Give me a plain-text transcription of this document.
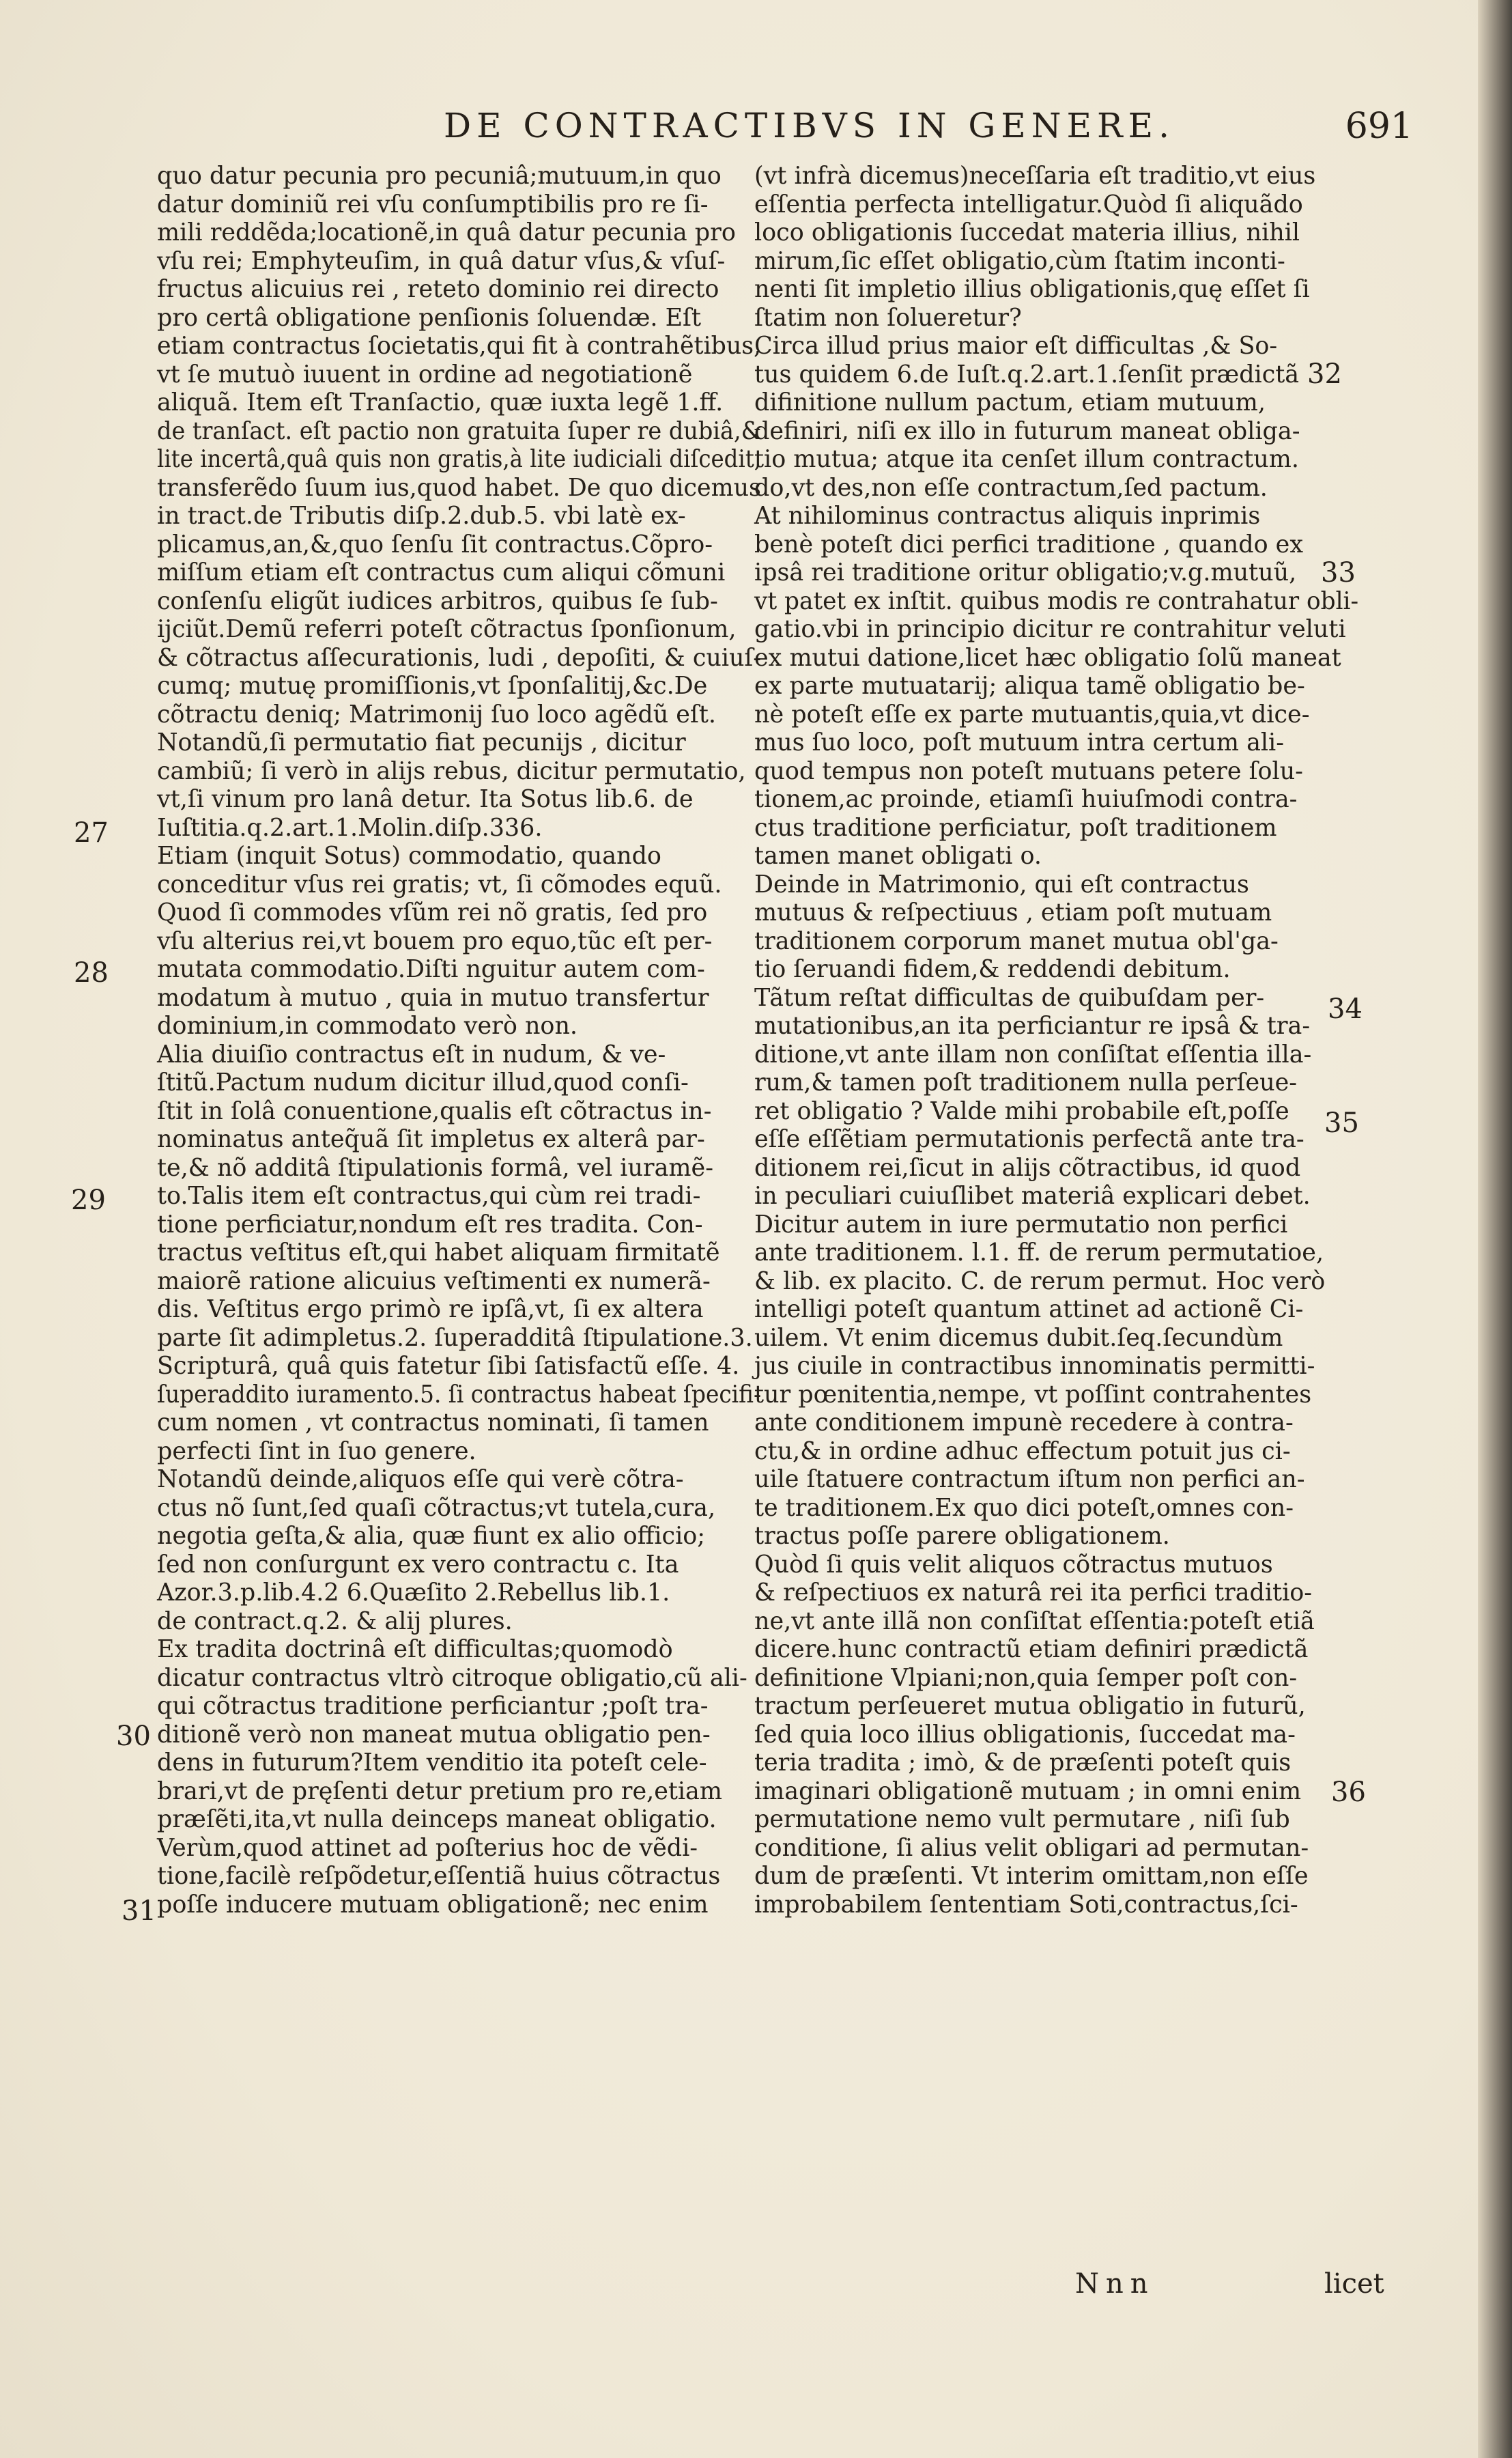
DE CONTRACTIBVS IN GENERE.	691
quo datur pecunia pro pecuniâ;mutuum,in quo
datur dominiũ rei vſu conſumptibilis pro re ſi-
mili reddẽda;locationẽ,in quâ datur pecunia pro
vſu rei; Emphyteuſim, in quâ datur vſus,& vſuſ-
fructus alicuius rei , reteto dominio rei directo
pro certâ obligatione penſionis ſoluendæ. Eſt
etiam contractus ſocietatis,qui fit à contrahẽtibus,
vt ſe mutuò iuuent in ordine ad negotiationẽ
aliquã. Item eſt Tranſactio, quæ iuxta legẽ 1.ff.
de tranſact. eſt pactio non gratuita ſuper re dubiâ,&
lite incertâ,quâ quis non gratis,à lite iudiciali diſcedit,
transferẽdo ſuum ius,quod habet. De quo dicemus
in tract.de Tributis diſp.2.dub.5. vbi latè ex-
plicamus,an,&,quo ſenſu ſit contractus.Cõpro-
miſſum etiam eſt contractus cum aliqui cõmuni
conſenſu eligũt iudices arbitros, quibus ſe ſub-
ijciũt.Demũ referri poteſt cõtractus ſponſionum,
& cõtractus aſſecurationis, ludi , depoſiti, & cuiuſ-
cumq; mutuę promiſſionis,vt ſponſalitij,&c.De
cõtractu deniq; Matrimonij ſuo loco agẽdũ eſt.
Notandũ,ſi permutatio fiat pecunijs , dicitur
cambiũ; ſi verò in alijs rebus, dicitur permutatio,
vt,ſi vinum pro lanâ detur. Ita Sotus lib.6. de
Iuſtitia.q.2.art.1.Molin.diſp.336.
Etiam (inquit Sotus) commodatio, quando
conceditur vſus rei gratis; vt, ſi cõmodes equũ.
Quod ſi commodes vſũm rei nõ gratis, ſed pro
vſu alterius rei,vt bouem pro equo,tũc eſt per-
mutata commodatio.Diſti nguitur autem com-
modatum à mutuo , quia in mutuo transfertur
dominium,in commodato verò non.
Alia diuiſio contractus eſt in nudum, & ve-
ſtitũ.Pactum nudum dicitur illud,quod conſi-
ſtit in ſolâ conuentione,qualis eſt cõtractus in-
nominatus anteq̃uã ſit impletus ex alterâ par-
te,& nõ additâ ſtipulationis formâ, vel iuramẽ-
to.Talis item eſt contractus,qui cùm rei tradi-
tione perficiatur,nondum eſt res tradita. Con-
tractus veſtitus eſt,qui habet aliquam firmitatẽ
maiorẽ ratione alicuius veſtimenti ex numerã-
dis. Veſtitus ergo primò re ipſâ,vt, ſi ex altera
parte ſit adimpletus.2. ſuperadditâ ſtipulatione.3.
Scripturâ, quâ quis fatetur ſibi ſatisfactũ eſſe. 4.
ſuperaddito iuramento.5. ſi contractus habeat ſpecifi-
cum nomen , vt contractus nominati, ſi tamen
perfecti ſint in ſuo genere.
Notandũ deinde,aliquos eſſe qui verè cõtra-
ctus nõ ſunt,ſed quaſi cõtractus;vt tutela,cura,
negotia geſta,& alia, quæ fiunt ex alio officio;
ſed non conſurgunt ex vero contractu c. Ita
Azor.3.p.lib.4.2 6.Quæſito 2.Rebellus lib.1.
de contract.q.2. & alij plures.
Ex tradita doctrinâ eſt difficultas;quomodò
dicatur contractus vltrò citroque obligatio,cũ ali-
qui cõtractus traditione perficiantur ;poſt tra-
ditionẽ verò non maneat mutua obligatio pen-
dens in futurum?Item venditio ita poteſt cele-
brari,vt de pręſenti detur pretium pro re,etiam
præſẽti,ita,vt nulla deinceps maneat obligatio.
Verùm,quod attinet ad poſterius hoc de vẽdi-
tione,facilè reſpõdetur,eſſentiã huius cõtractus
poſſe inducere mutuam obligationẽ; nec enim
(vt infrà dicemus)neceſſaria eſt traditio,vt eius
eſſentia perfecta intelligatur.Quòd ſi aliquãdo
loco obligationis ſuccedat materia illius, nihil
mirum,ſic eſſet obligatio,cùm ſtatim inconti-
nenti ſit impletio illius obligationis,quę eſſet ſi
ſtatim non ſolueretur?
Circa illud prius maior eſt difficultas ,& So-
tus quidem 6.de Iuſt.q.2.art.1.ſenſit prædictã
difinitione nullum pactum, etiam mutuum,
definiri, niſi ex illo in futurum maneat obliga-
tio mutua; atque ita cenſet illum contractum.
do,vt des,non eſſe contractum,ſed pactum.
At nihilominus contractus aliquis inprimis
benè poteſt dici perfici traditione , quando ex
ipsâ rei traditione oritur obligatio;v.g.mutuũ,
vt patet ex inſtit. quibus modis re contrahatur obli-
gatio.vbi in principio dicitur re contrahitur veluti
ex mutui datione,licet hæc obligatio ſolũ maneat
ex parte mutuatarij; aliqua tamẽ obligatio be-
nè poteſt eſſe ex parte mutuantis,quia,vt dice-
mus ſuo loco, poſt mutuum intra certum ali-
quod tempus non poteſt mutuans petere ſolu-
tionem,ac proinde, etiamſi huiuſmodi contra-
ctus traditione perficiatur, poſt traditionem
tamen manet obligati o.
Deinde in Matrimonio, qui eſt contractus
mutuus & reſpectiuus , etiam poſt mutuam
traditionem corporum manet mutua obl'ga-
tio ſeruandi fidem,& reddendi debitum.
Tãtum reſtat difficultas de quibuſdam per-
mutationibus,an ita perficiantur re ipsâ & tra-
ditione,vt ante illam non conſiſtat eſſentia illa-
rum,& tamen poſt traditionem nulla perſeue-
ret obligatio ? Valde mihi probabile eſt,poſſe
eſſe eſſẽtiam permutationis perfectã ante tra-
ditionem rei,ſicut in alijs cõtractibus, id quod
in peculiari cuiuſlibet materiâ explicari debet.
Dicitur autem in iure permutatio non perfici
ante traditionem. l.1. ff. de rerum permutatioe,
& lib. ex placito. C. de rerum permut. Hoc verò
intelligi poteſt quantum attinet ad actionẽ Ci-
uilem. Vt enim dicemus dubit.ſeq.ſecundùm
jus ciuile in contractibus innominatis permitti-
tur pœnitentia,nempe, vt poſſint contrahentes
ante conditionem impunè recedere à contra-
ctu,& in ordine adhuc effectum potuit jus ci-
uile ſtatuere contractum iſtum non perfici an-
te traditionem.Ex quo dici poteſt,omnes con-
tractus poſſe parere obligationem.
Quòd ſi quis velit aliquos cõtractus mutuos
& reſpectiuos ex naturâ rei ita perfici traditio-
ne,vt ante illã non conſiſtat eſſentia:poteſt etiã
dicere.hunc contractũ etiam definiri prædictã
definitione Vlpiani;non,quia ſemper poſt con-
tractum perſeueret mutua obligatio in futurũ,
ſed quia loco illius obligationis, ſuccedat ma-
teria tradita ; imò, & de præſenti poteſt quis
imaginari obligationẽ mutuam ; in omni enim
permutatione nemo vult permutare , niſi ſub
conditione, ſi alius velit obligari ad permutan-
dum de præſenti. Vt interim omittam,non eſſe
improbabilem ſententiam Soti,contractus,ſci-
27
28
29
30
31
32
33
34
35
36
Nnn	licet
